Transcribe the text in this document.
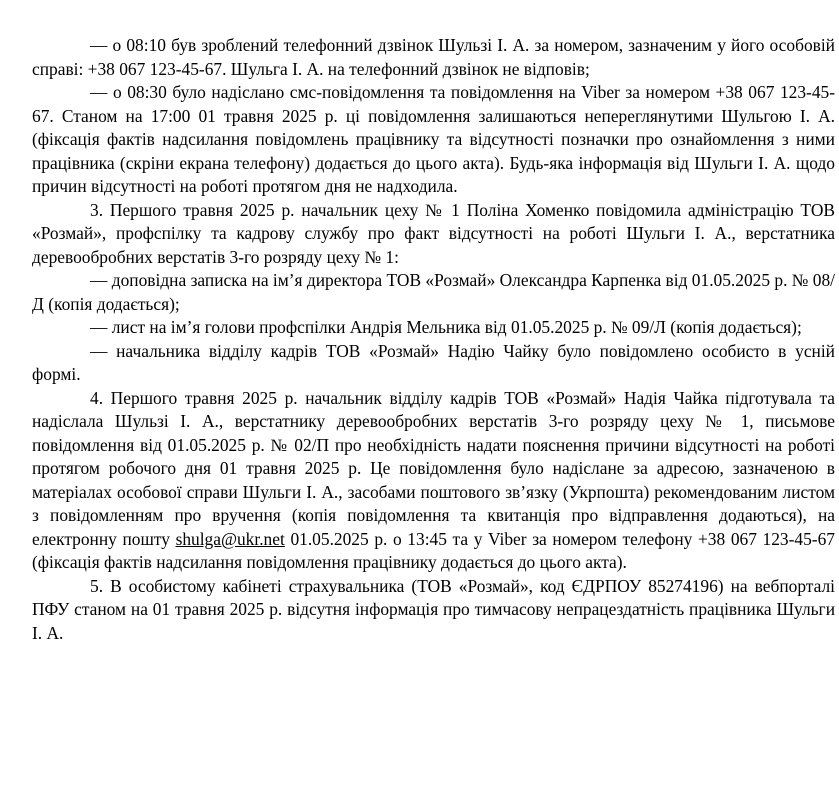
— о 08:10 був зроблений телефонний дзвінок Шульзі І. А. за номером, зазначеним у його особовій справі: +38 067 123-45-67. Шульга І. А. на телефонний дзвінок не відповів;

— о 08:30 було надіслано смс-повідомлення та повідомлення на Viber за номером +38 067 123-45-67. Станом на 17:00 01 травня 2025 р. ці повідомлення залишаються непереглянутими Шульгою І. А. (фіксація фактів надсилання повідомлень працівнику та відсутності позначки про ознайомлення з ними працівника (скріни екрана телефону) додається до цього акта). Будь-яка інформація від Шульги І. А. щодо причин відсутності на роботі протягом дня не надходила.

3. Першого травня 2025 р. начальник цеху № 1 Поліна Хоменко повідомила адміністрацію ТОВ «Розмай», профспілку та кадрову службу про факт відсутності на роботі Шульги І. А., верстатника деревообробних верстатів 3-го розряду цеху № 1:

— доповідна записка на ім’я директора ТОВ «Розмай» Олександра Карпенка від 01.05.2025 р. № 08/Д (копія додається);

— лист на ім’я голови профспілки Андрія Мельника від 01.05.2025 р. № 09/Л (копія додається);

— начальника відділу кадрів ТОВ «Розмай» Надію Чайку було повідомлено особисто в усній формі.

4. Першого травня 2025 р. начальник відділу кадрів ТОВ «Розмай» Надія Чайка підготувала та надіслала Шульзі І. А., верстатнику деревообробних верстатів 3-го розряду цеху № 1, письмове повідомлення від 01.05.2025 р. № 02/П про необхідність надати пояснення причини відсутності на роботі протягом робочого дня 01 травня 2025 р. Це повідомлення було надіслане за адресою, зазначеною в матеріалах особової справи Шульги І. А., засобами поштового зв’язку (Укрпошта) рекомендованим листом з повідомленням про вручення (копія повідомлення та квитанція про відправлення додаються), на електронну пошту shulga@ukr.net 01.05.2025 р. о 13:45 та у Viber за номером телефону +38 067 123-45-67 (фіксація фактів надсилання повідомлення працівнику додається до цього акта).

5. В особистому кабінеті страхувальника (ТОВ «Розмай», код ЄДРПОУ 85274196) на вебпорталі ПФУ станом на 01 травня 2025 р. відсутня інформація про тимчасову непрацездатність працівника Шульги І. А.
